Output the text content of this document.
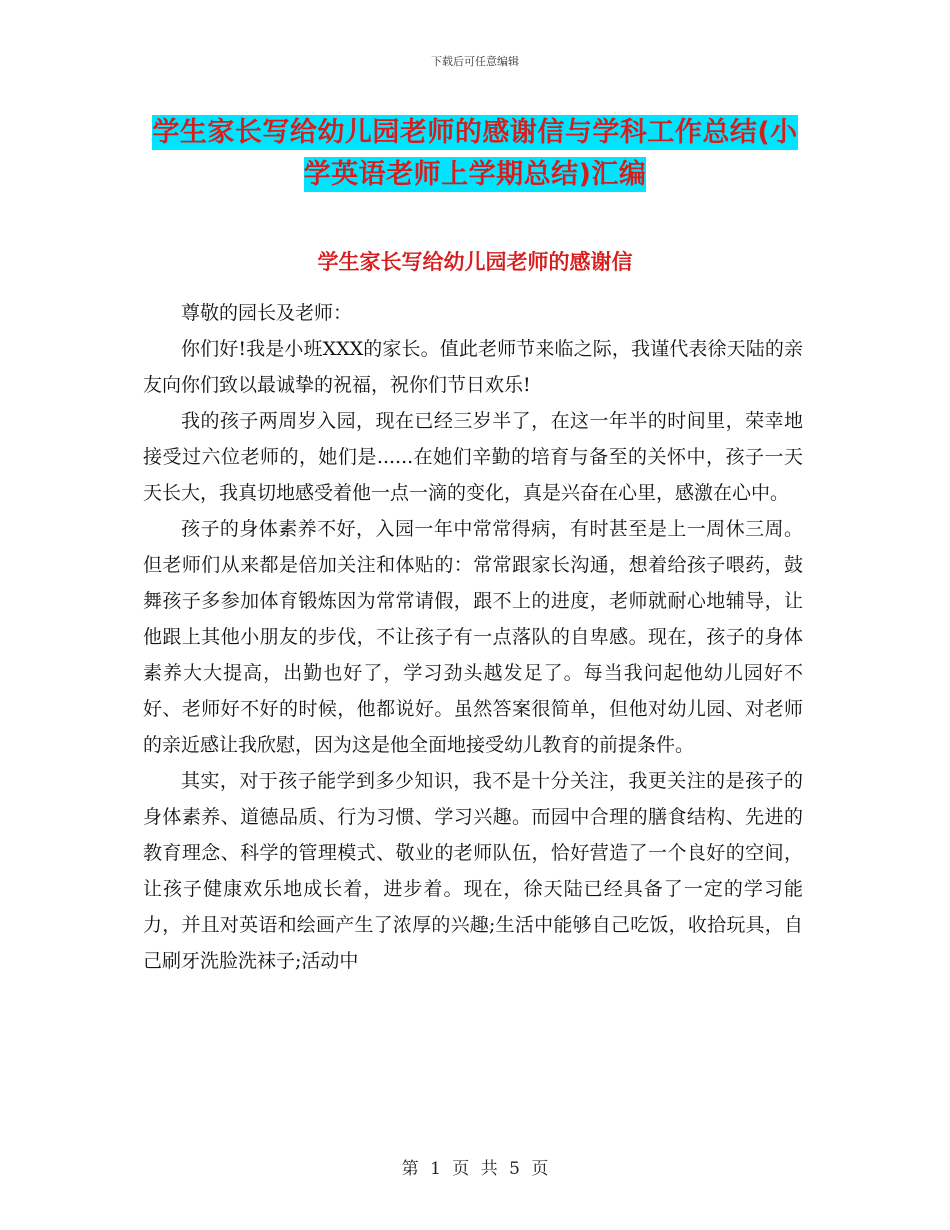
下载后可任意编辑
学生家长写给幼儿园老师的感谢信与学科工作总结(小学英语老师上学期总结)汇编
学生家长写给幼儿园老师的感谢信

尊敬的园长及老师：

你们好!我是小班XXX的家长。值此老师节来临之际，我谨代表徐天陆的亲友向你们致以最诚挚的祝福，祝你们节日欢乐!

我的孩子两周岁入园，现在已经三岁半了，在这一年半的时间里，荣幸地接受过六位老师的，她们是......在她们辛勤的培育与备至的关怀中，孩子一天天长大，我真切地感受着他一点一滴的变化，真是兴奋在心里，感激在心中。

孩子的身体素养不好，入园一年中常常得病，有时甚至是上一周休三周。但老师们从来都是倍加关注和体贴的：常常跟家长沟通，想着给孩子喂药，鼓舞孩子多参加体育锻炼因为常常请假，跟不上的进度，老师就耐心地辅导，让他跟上其他小朋友的步伐，不让孩子有一点落队的自卑感。现在，孩子的身体素养大大提高，出勤也好了，学习劲头越发足了。每当我问起他幼儿园好不好、老师好不好的时候，他都说好。虽然答案很简单，但他对幼儿园、对老师的亲近感让我欣慰，因为这是他全面地接受幼儿教育的前提条件。

其实，对于孩子能学到多少知识，我不是十分关注，我更关注的是孩子的身体素养、道德品质、行为习惯、学习兴趣。而园中合理的膳食结构、先进的教育理念、科学的管理模式、敬业的老师队伍，恰好营造了一个良好的空间，让孩子健康欢乐地成长着，进步着。现在，徐天陆已经具备了一定的学习能力，并且对英语和绘画产生了浓厚的兴趣;生活中能够自己吃饭，收拾玩具，自己刷牙洗脸洗袜子;活动中

第 1 页 共 5 页
